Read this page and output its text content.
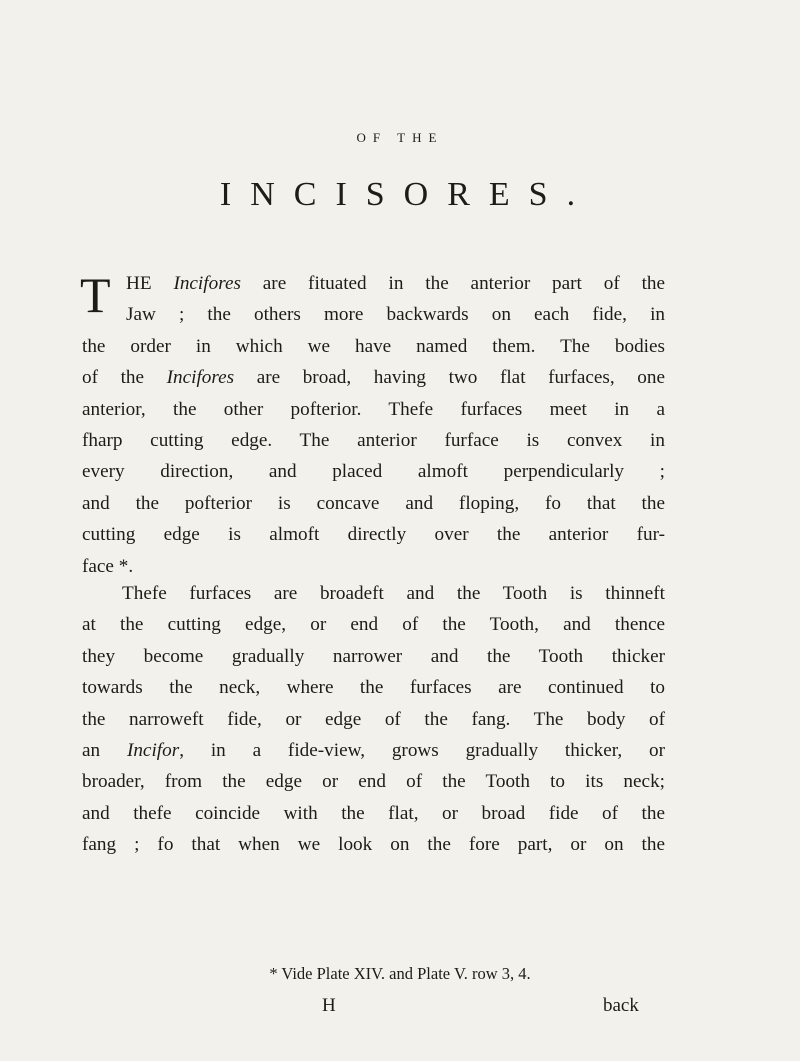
OF THE
INCISORES.
T HE Incifores are fituated in the anterior part of the
Jaw ; the others more backwards on each fide, in
the order in which we have named them. The bodies
of the Incifores are broad, having two flat furfaces, one
anterior, the other pofterior. Thefe furfaces meet in a
fharp cutting edge. The anterior furface is convex in
every direction, and placed almoft perpendicularly ;
and the pofterior is concave and floping, fo that the
cutting edge is almoft directly over the anterior fur-
face *.
Thefe furfaces are broadeft and the Tooth is thinneft
at the cutting edge, or end of the Tooth, and thence
they become gradually narrower and the Tooth thicker
towards the neck, where the furfaces are continued to
the narroweft fide, or edge of the fang. The body of
an Incifor, in a fide-view, grows gradually thicker, or
broader, from the edge or end of the Tooth to its neck;
and thefe coincide with the flat, or broad fide of the
fang ; fo that when we look on the fore part, or on the
* Vide Plate XIV. and Plate V. row 3, 4.
H	back
